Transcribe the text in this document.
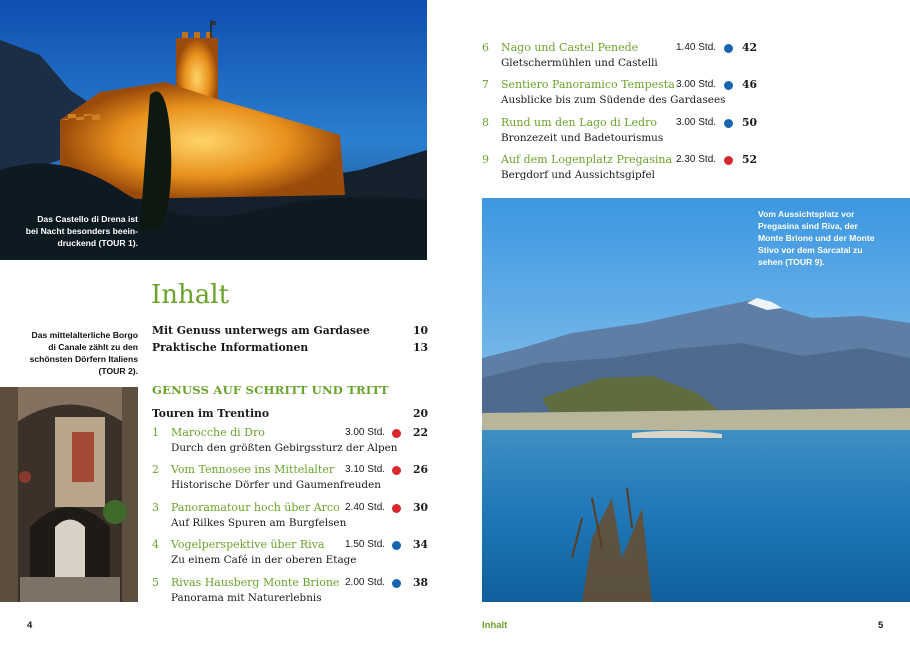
Das Castello di Drena ist
bei Nacht besonders beein-
druckend (TOUR 1).
Das mittelalterliche Borgo
di Canale zählt zu den
schönsten Dörfern Italiens
(TOUR 2).
Inhalt
Mit Genuss unterwegs am Gardasee	10
Praktische Informationen	13
GENUSS AUF SCHRITT UND TRITT
Touren im Trentino	20
1 Marocche di Dro
Durch den größten Gebirgssturz der Alpen
3.00 Std.	22
2 Vom Tennosee ins Mittelalter
Historische Dörfer und Gaumenfreuden
3.10 Std.	26
3 Panoramatour hoch über Arco
Auf Rilkes Spuren am Burgfelsen
2.40 Std.	30
4 Vogelperspektive über Riva
Zu einem Café in der oberen Etage
1.50 Std.	34
5 Rivas Hausberg Monte Brione
Panorama mit Naturerlebnis
2.00 Std.	38
4
6 Nago und Castel Penede
Gletschermühlen und Castelli
1.40 Std. 42
7 Sentiero Panoramico Tempesta
Ausblicke bis zum Südende des Gardasees
3.00 Std. 46
8 Rund um den Lago di Ledro
Bronzezeit und Badetourismus
3.00 Std. 50
9 Auf dem Logenplatz Pregasina
Bergdorf und Aussichtsgipfel
2.30 Std. 52
Vom Aussichtsplatz vor
Pregasina sind Riva, der
Monte Brione und der Monte
Stivo vor dem Sarcatal zu
sehen (TOUR 9).
Inhalt	5
